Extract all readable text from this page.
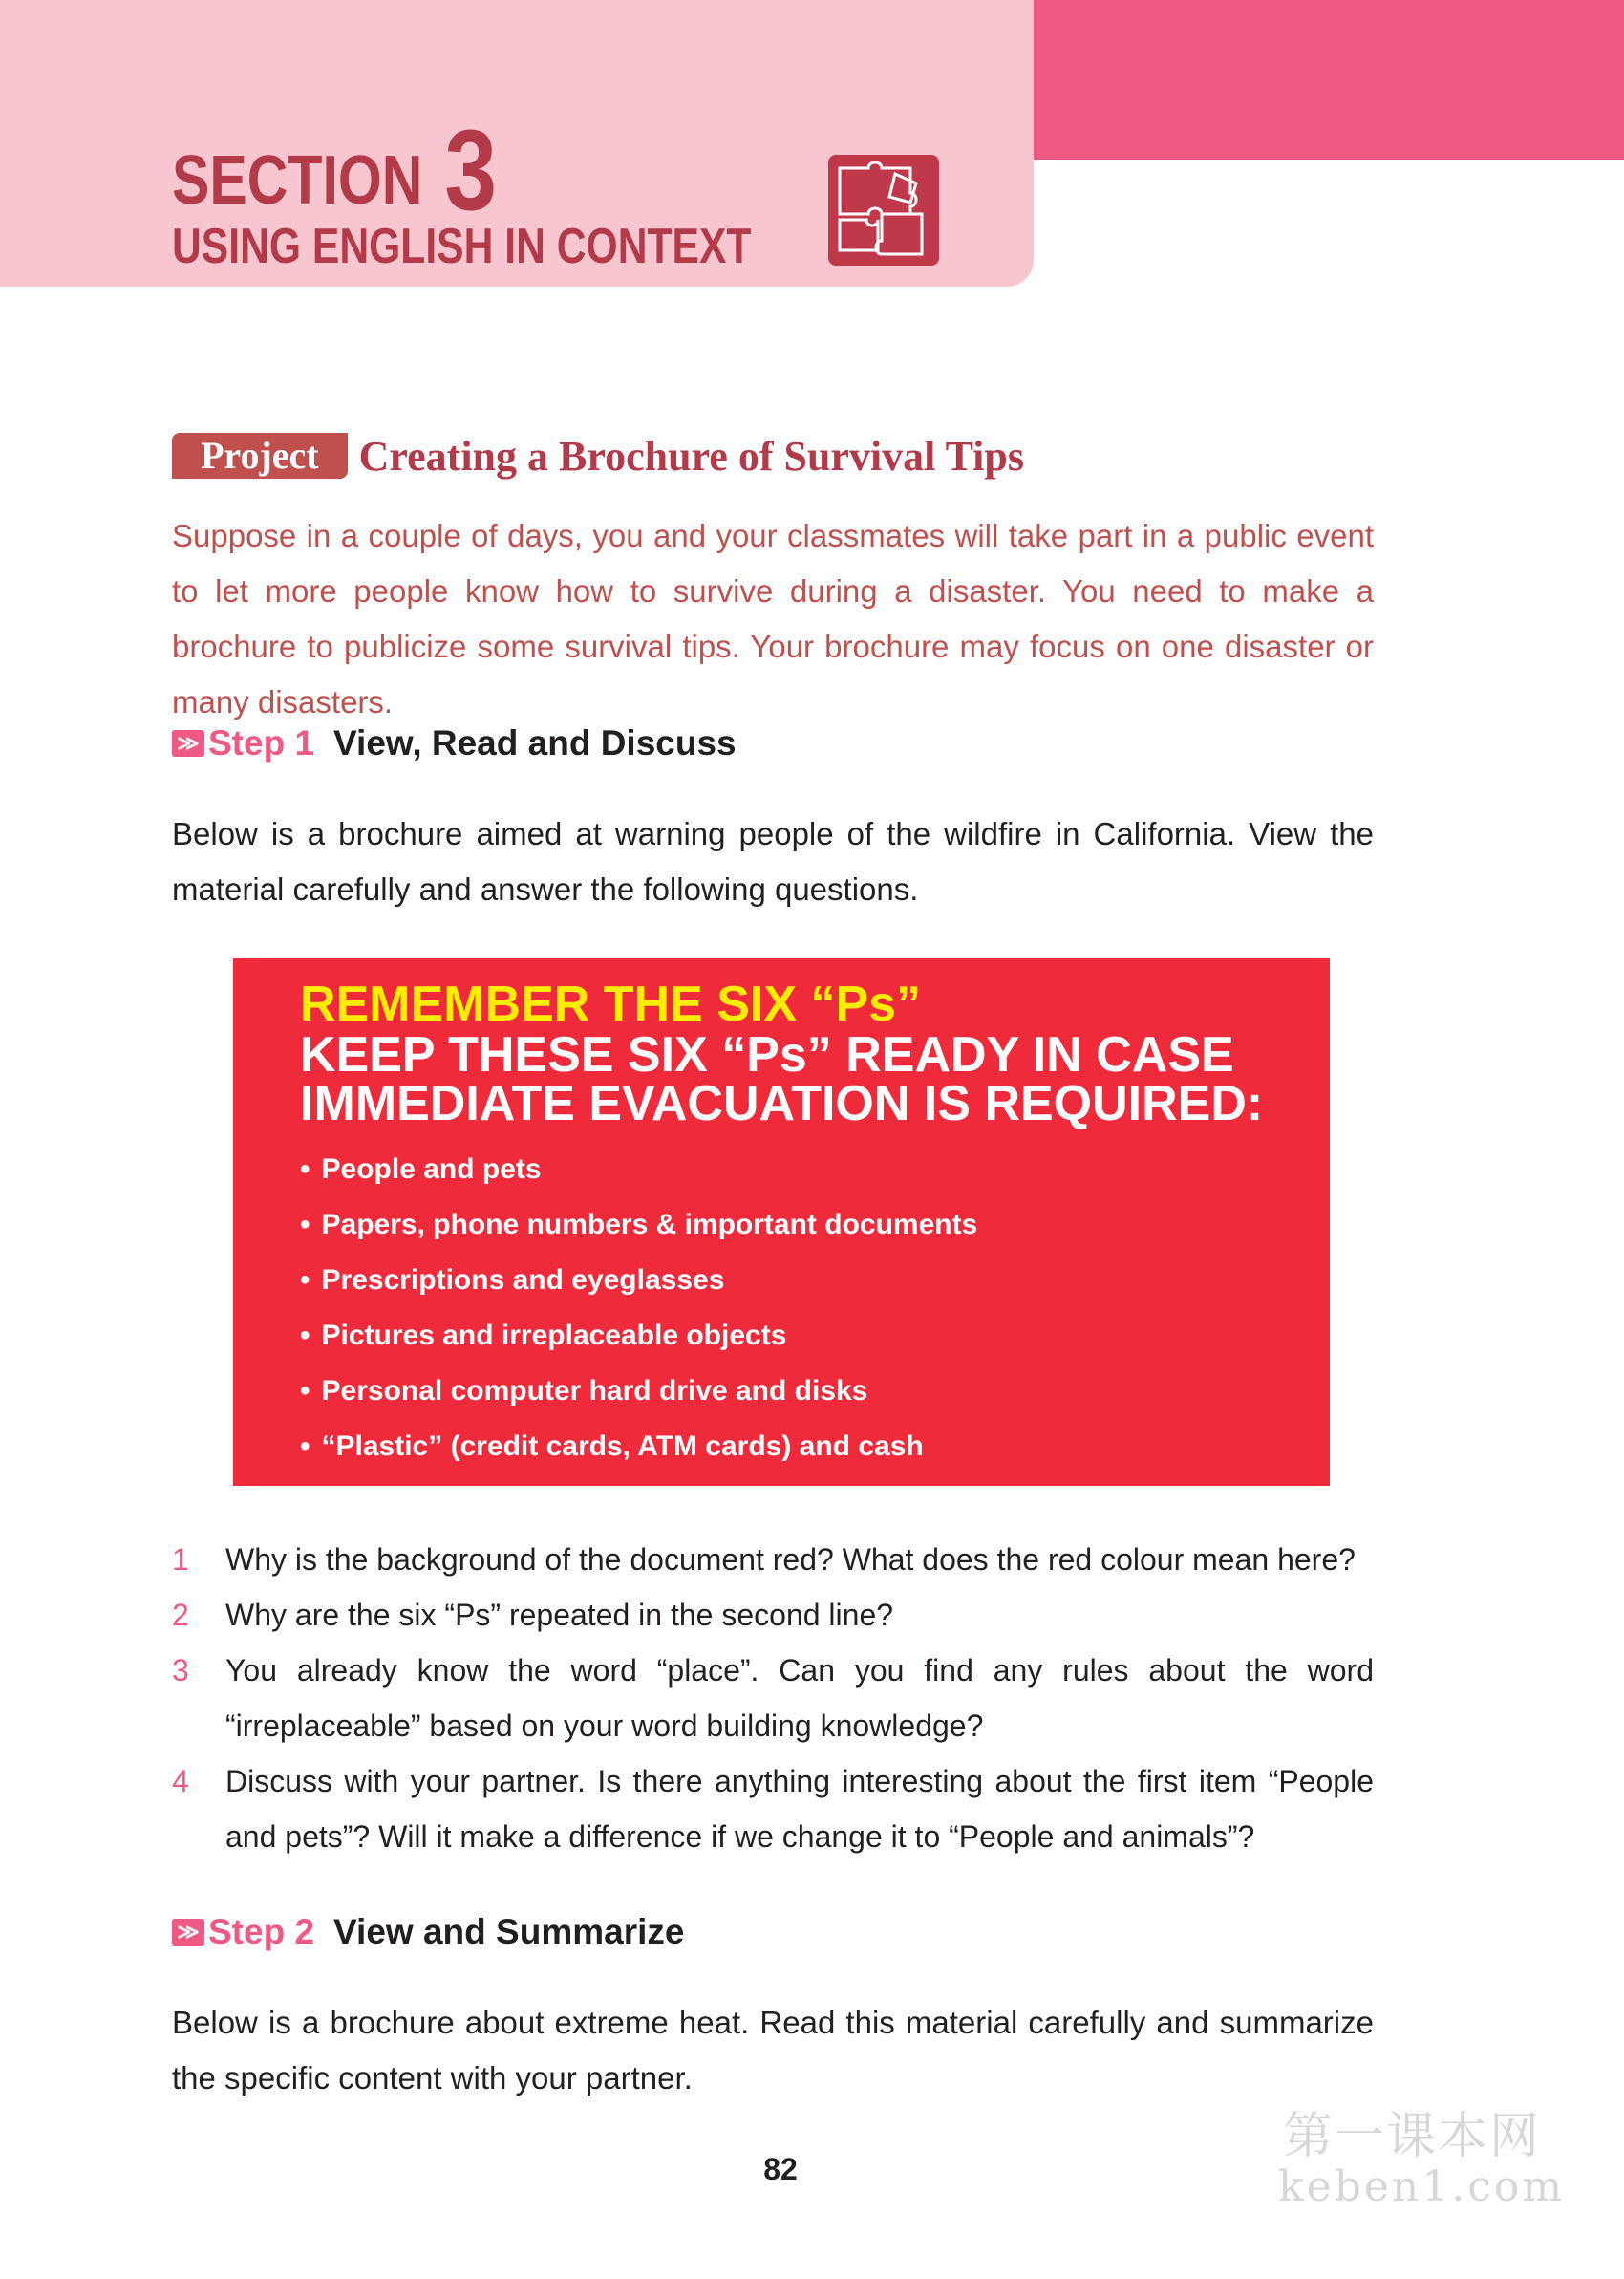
SECTION 3
USING ENGLISH IN CONTEXT
Project Creating a Brochure of Survival Tips

Suppose in a couple of days, you and your classmates will take part in a public event to let more people know how to survive during a disaster. You need to make a brochure to publicize some survival tips. Your brochure may focus on one disaster or many disasters.

≫ Step 1 View, Read and Discuss

Below is a brochure aimed at warning people of the wildfire in California. View the material carefully and answer the following questions.

REMEMBER THE SIX “Ps”
KEEP THESE SIX “Ps” READY IN CASE
IMMEDIATE EVACUATION IS REQUIRED:
• People and pets
• Papers, phone numbers & important documents
• Prescriptions and eyeglasses
• Pictures and irreplaceable objects
• Personal computer hard drive and disks
• “Plastic” (credit cards, ATM cards) and cash
1 Why is the background of the document red? What does the red colour mean here?
2 Why are the six “Ps” repeated in the second line?
3 You already know the word “place”. Can you find any rules about the word “irreplaceable” based on your word building knowledge?
4 Discuss with your partner. Is there anything interesting about the first item “People and pets”? Will it make a difference if we change it to “People and animals”?
≫ Step 2 View and Summarize

Below is a brochure about extreme heat. Read this material carefully and summarize the specific content with your partner.

82
第一课本网
keben1.com
